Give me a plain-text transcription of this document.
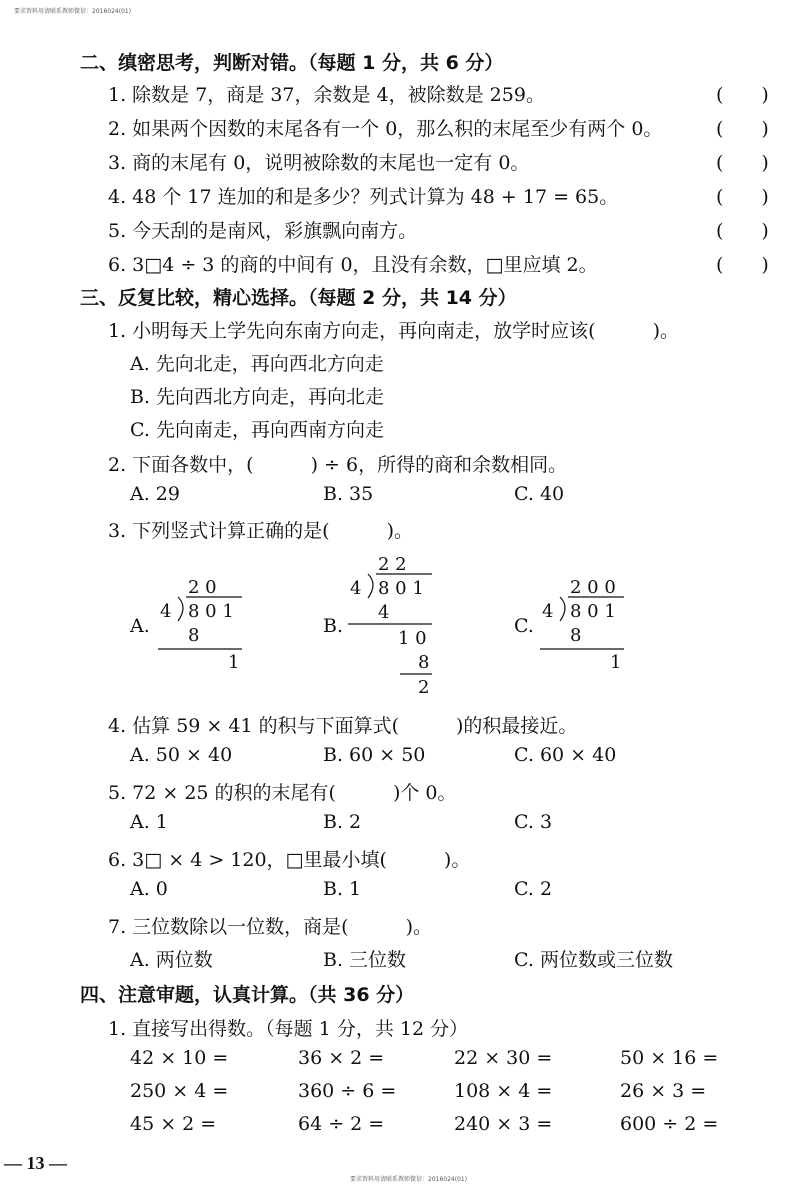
要求资料用请联系教师微信：2016024(01)
二、缜密思考，判断对错。（每题 1 分，共 6 分）
1. 除数是 7，商是 37，余数是 4，被除数是 259。	(　　)
2. 如果两个因数的末尾各有一个 0，那么积的末尾至少有两个 0。	(　　)
3. 商的末尾有 0，说明被除数的末尾也一定有 0。	(　　)
4. 48 个 17 连加的和是多少？列式计算为 48 + 17 = 65。	(　　)
5. 今天刮的是南风，彩旗飘向南方。	(　　)
6. 3□4 ÷ 3 的商的中间有 0，且没有余数，□里应填 2。	(　　)
三、反复比较，精心选择。（每题 2 分，共 14 分）
1. 小明每天上学先向东南方向走，再向南走，放学时应该(　　　)。
A. 先向北走，再向西北方向走
B. 先向西北方向走，再向北走
C. 先向南走，再向西南方向走
2. 下面各数中，(　　　) ÷ 6，所得的商和余数相同。
A. 29	B. 35	C. 40
3. 下列竖式计算正确的是(　　　)。
A.
2 0
4 8 0 1
8
1
B.
2 2
4 8 0 1
4
1 0
8
2
C.
2 0 0
4 8 0 1
8
1
4. 估算 59 × 41 的积与下面算式(　　　)的积最接近。
A. 50 × 40	B. 60 × 50	C. 60 × 40
5. 72 × 25 的积的末尾有(　　　)个 0。
A. 1	B. 2	C. 3
6. 3□ × 4 > 120，□里最小填(　　　)。
A. 0	B. 1	C. 2
7. 三位数除以一位数，商是(　　　)。
A. 两位数	B. 三位数	C. 两位数或三位数
四、注意审题，认真计算。（共 36 分）
1. 直接写出得数。（每题 1 分，共 12 分）
42 × 10 =	36 × 2 =	22 × 30 =	50 × 16 =
250 × 4 =	360 ÷ 6 =	108 × 4 =	26 × 3 =
45 × 2 =	64 ÷ 2 =	240 × 3 =	600 ÷ 2 =
— 13 —
要求资料用请联系教师微信：2016024(01)
